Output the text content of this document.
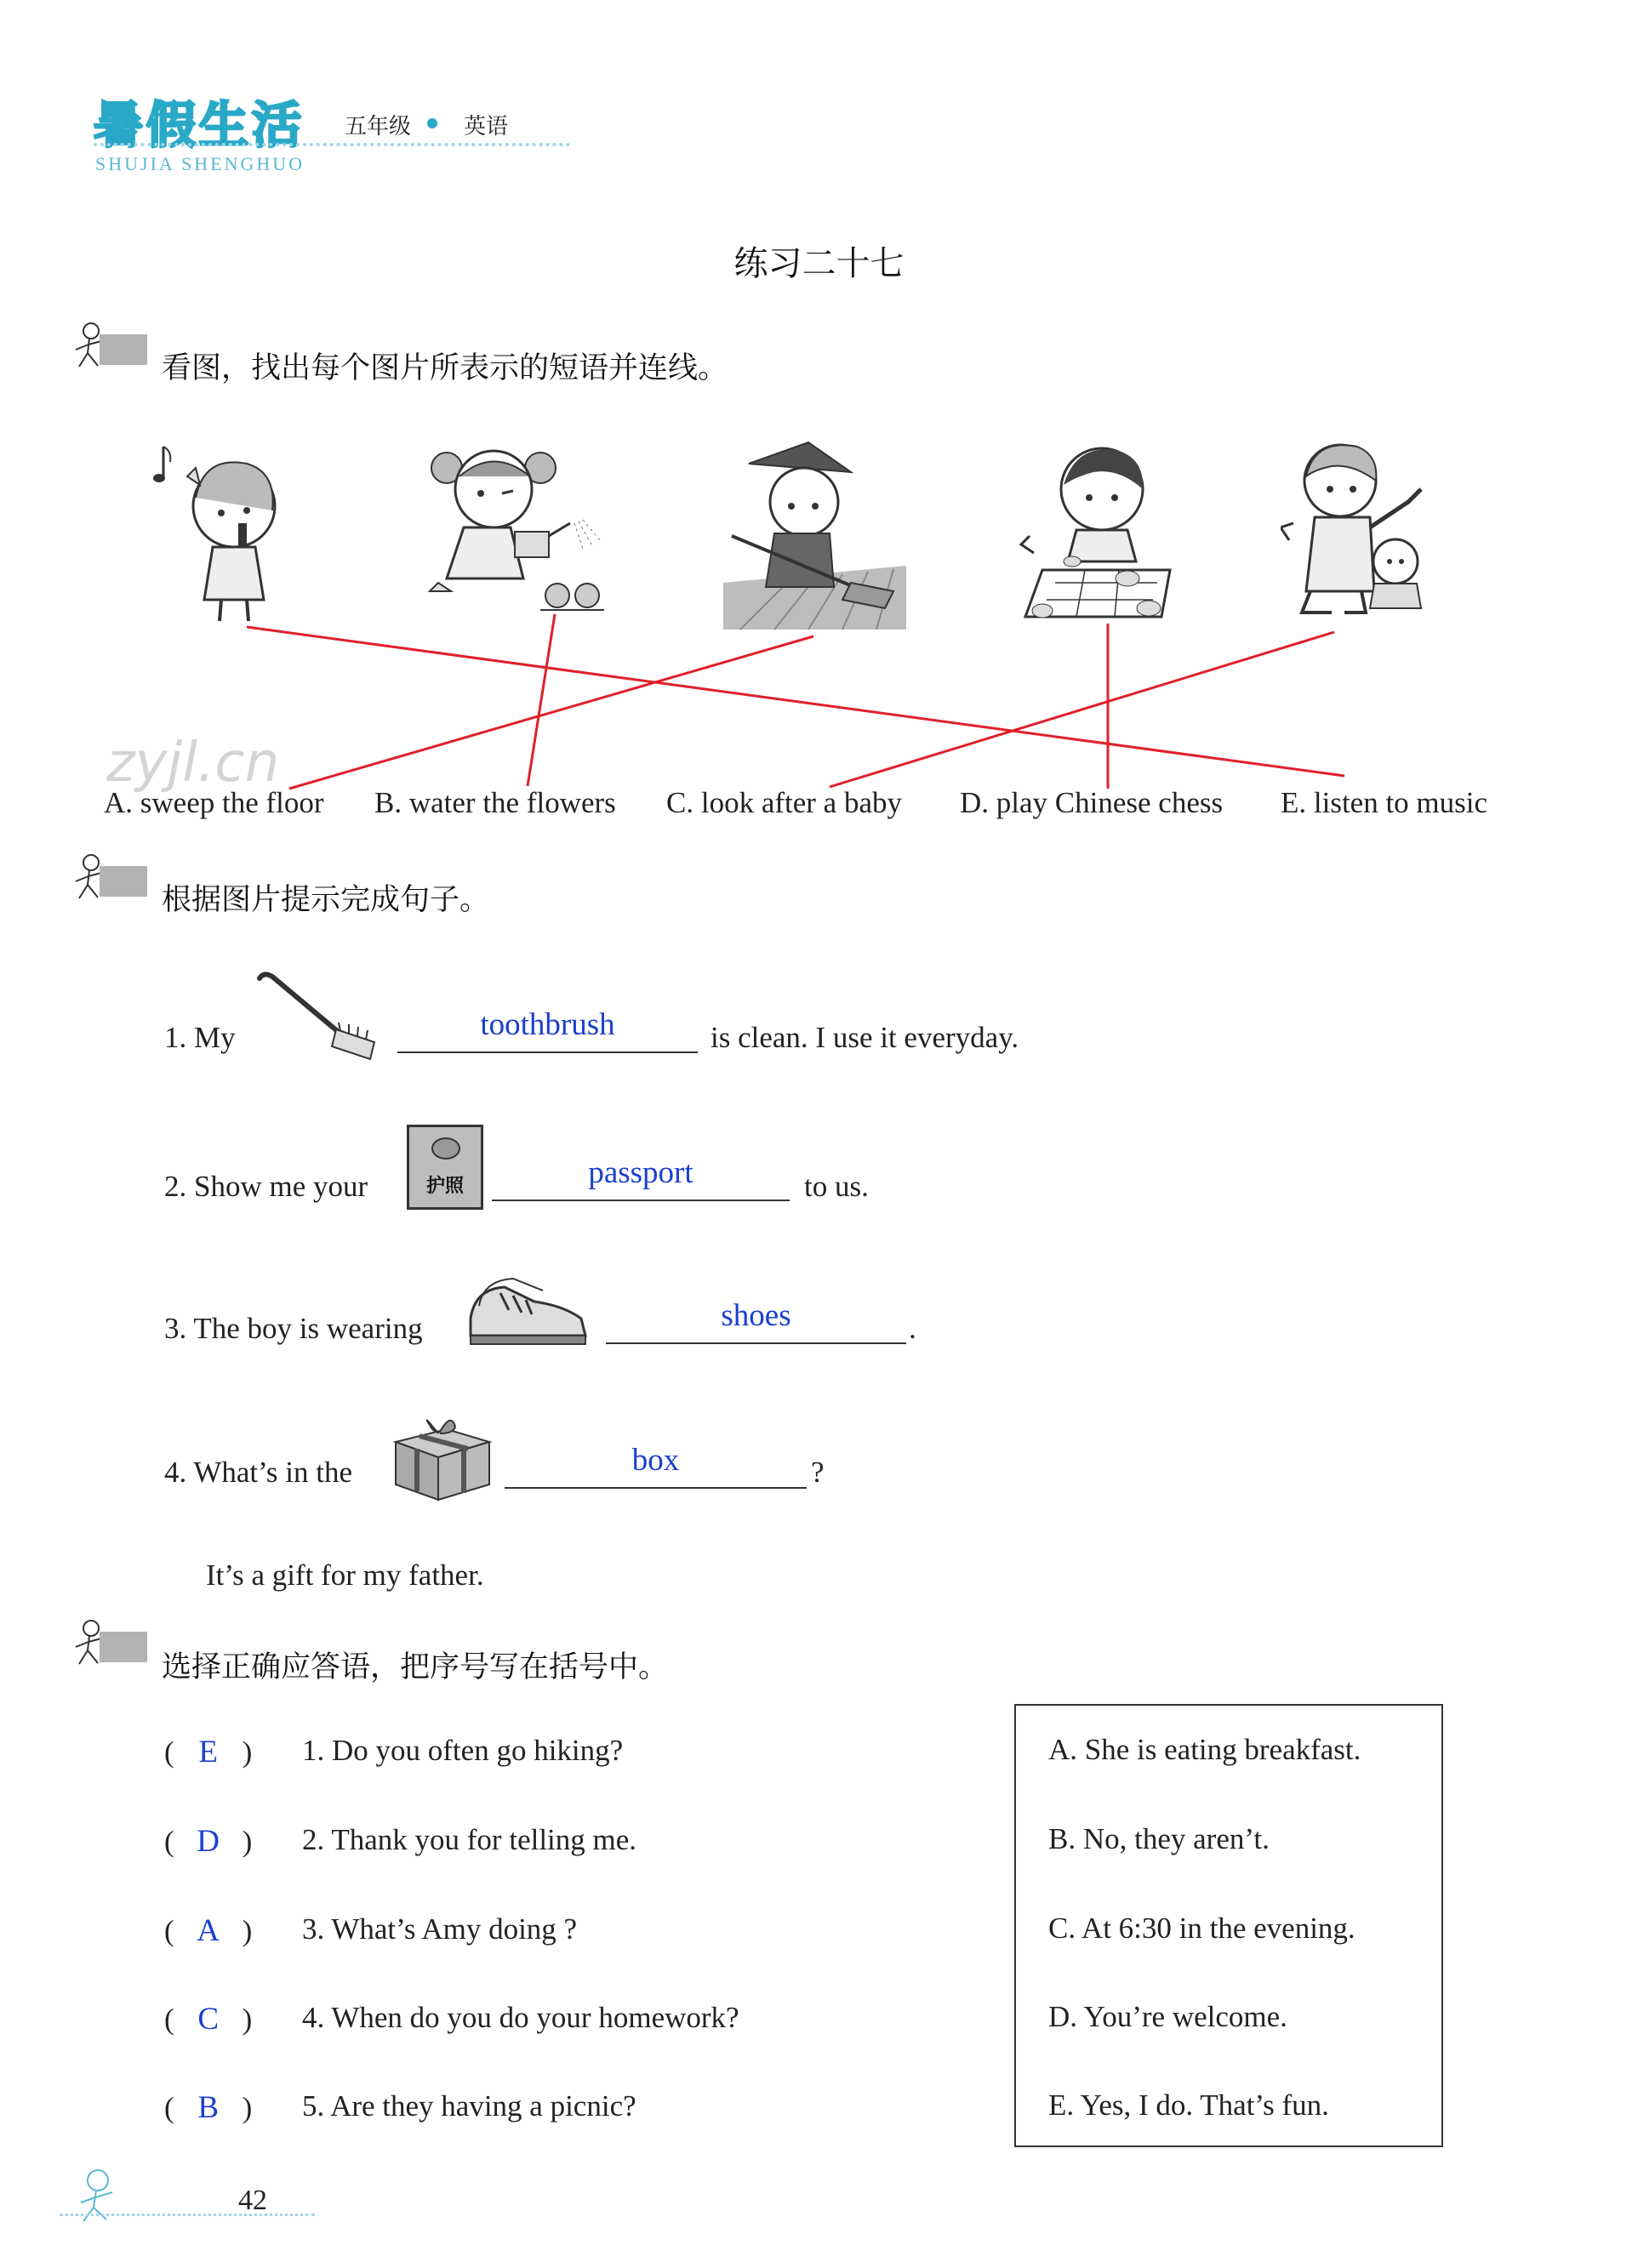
暑假生活
SHUJIA SHENGHUO
五年级 英语
练习二十七
看图，找出每个图片所表示的短语并连线。
zyjl.cn
A. sweep the floor B. water the flowers C. look after a baby D. play Chinese chess E. listen to music
根据图片提示完成句子。
1. My	toothbrush	is clean. I use it everyday.
2. Show me your	护照	passport	to us.
3. The boy is wearing	shoes	.
4. What’s in the	box	?
It’s a gift for my father.
选择正确应答语，把序号写在括号中。
( E ) 1. Do you often go hiking?
( D ) 2. Thank you for telling me.
( A ) 3. What’s Amy doing ?
( C ) 4. When do you do your homework?
( B ) 5. Are they having a picnic?
A. She is eating breakfast.
B. No, they aren’t.
C. At 6:30 in the evening.
D. You’re welcome.
E. Yes, I do. That’s fun.
42
